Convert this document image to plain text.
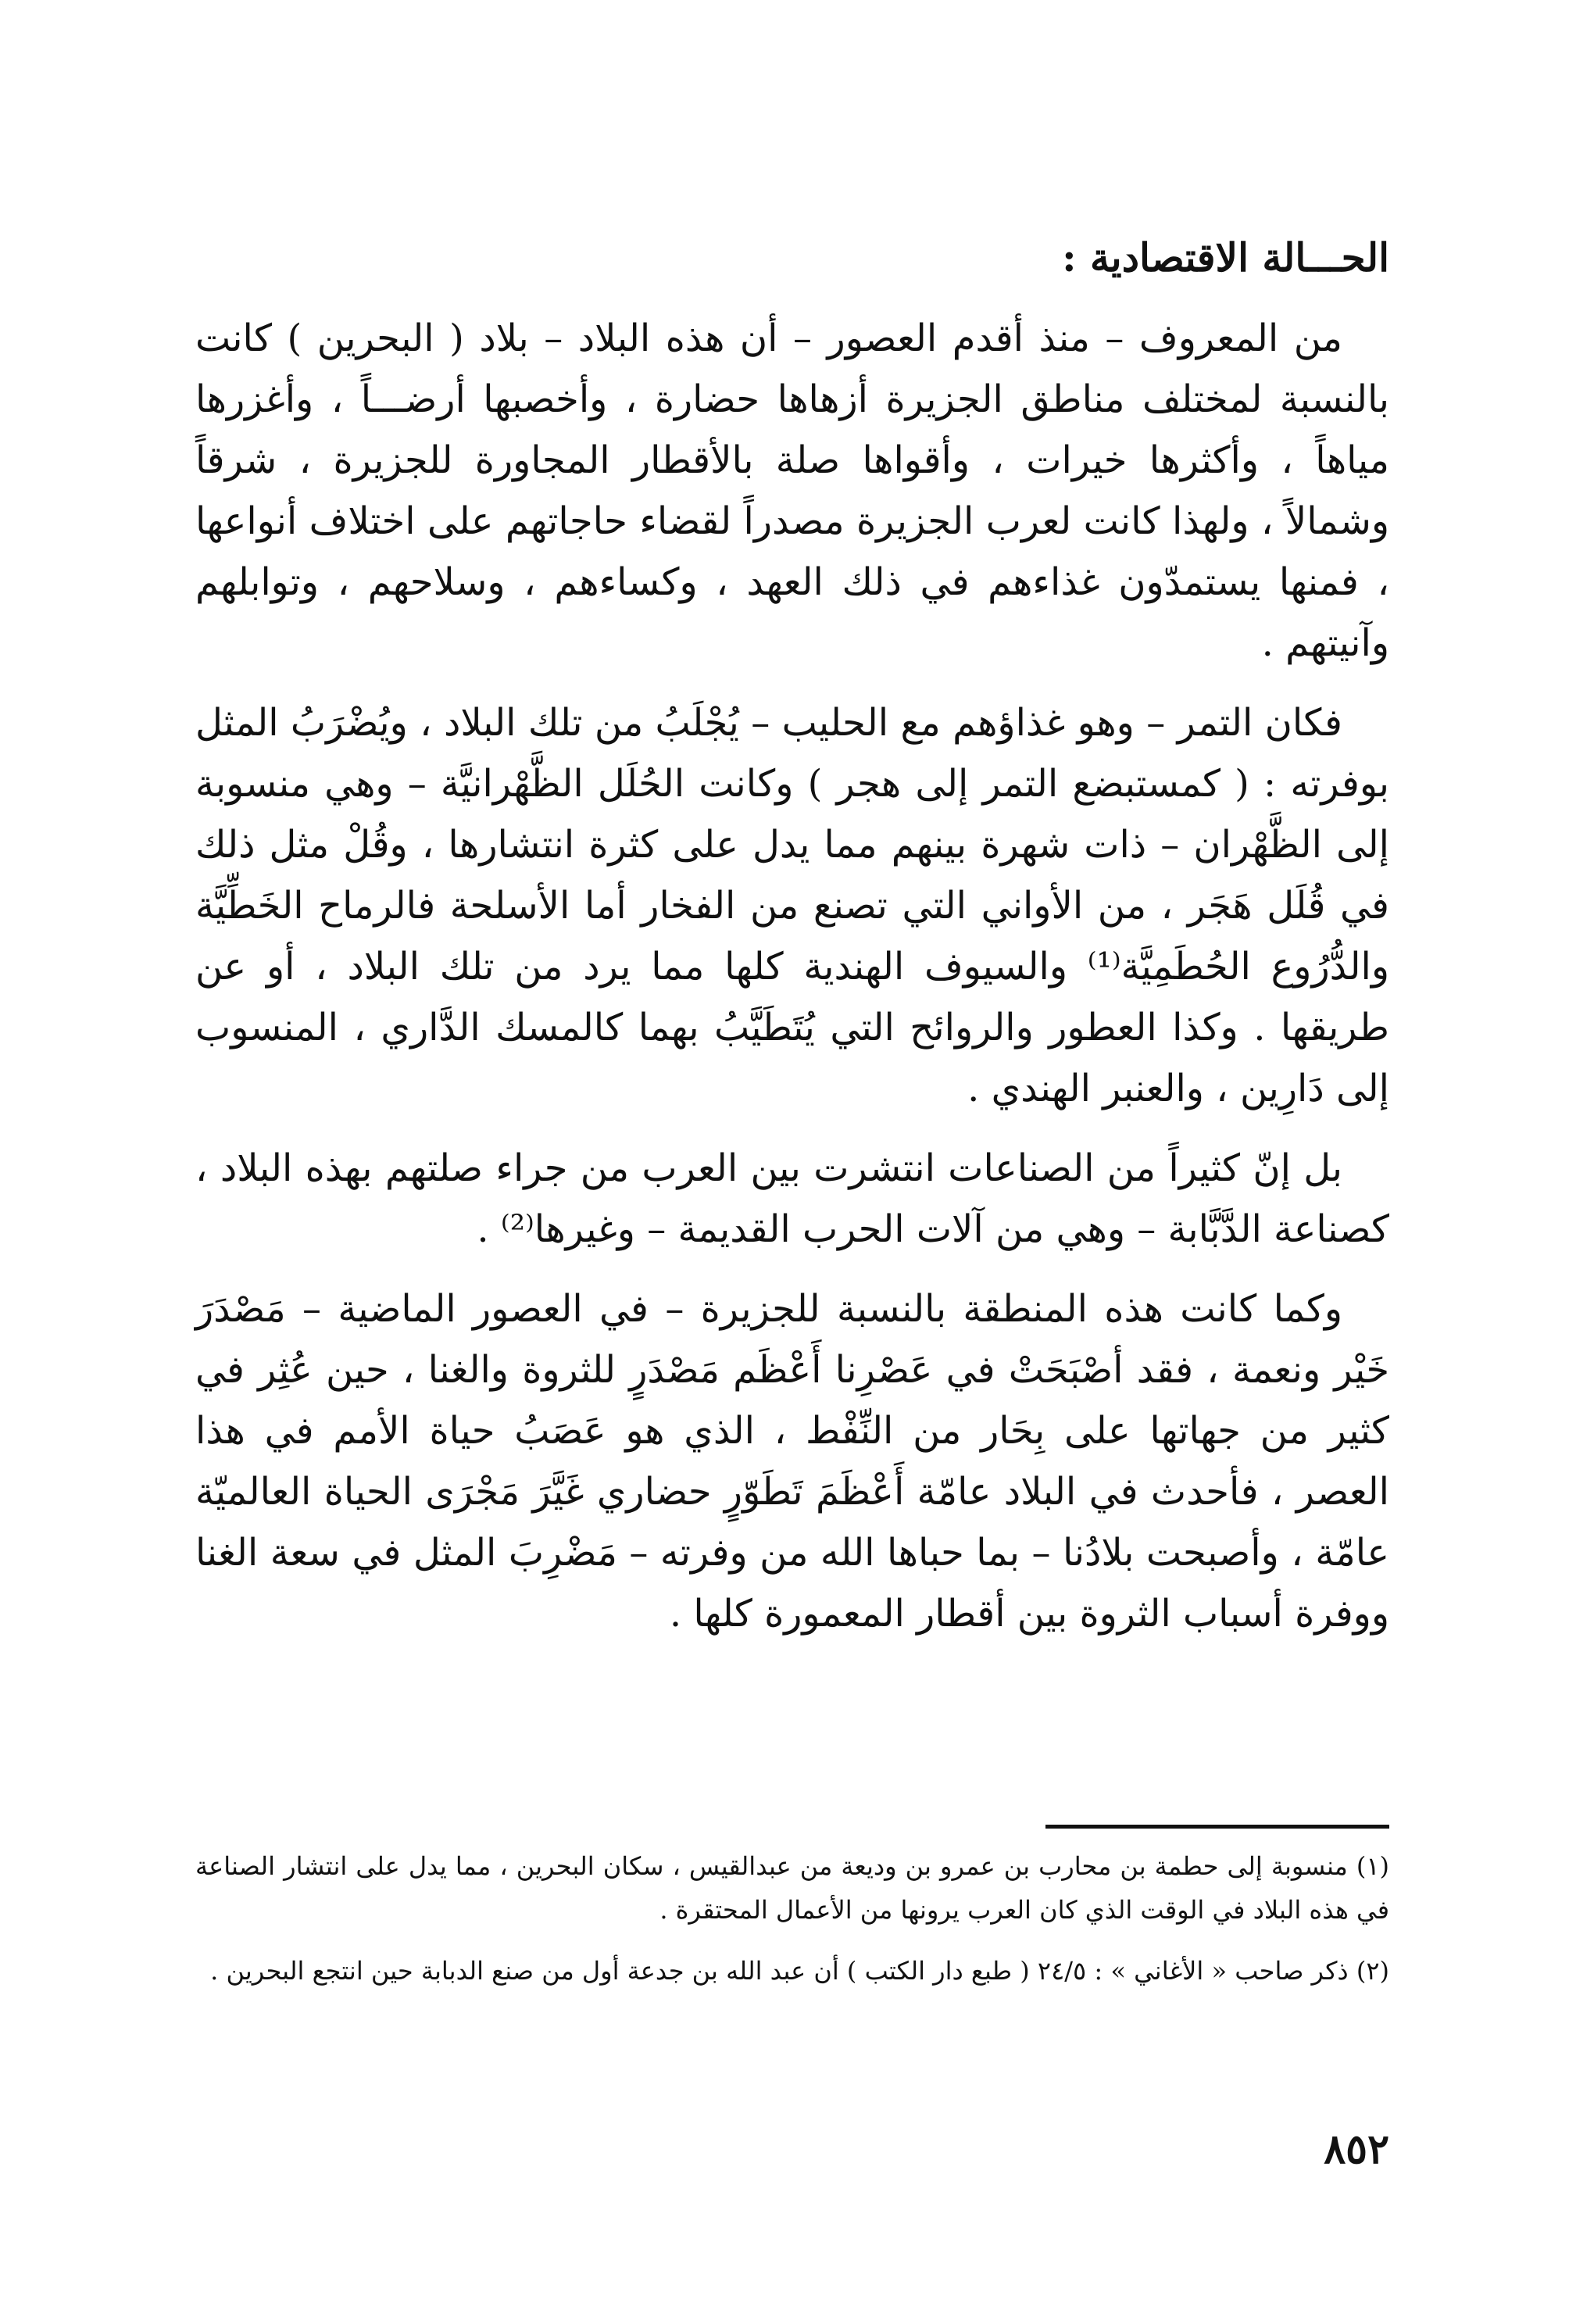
الحـــالة الاقتصادية :

من المعروف – منذ أقدم العصور – أن هذه البلاد – بلاد ( البحرين ) كانت بالنسبة لمختلف مناطق الجزيرة أزهاها حضارة ، وأخصبها أرضـــاً ، وأغزرها مياهاً ، وأكثرها خيرات ، وأقواها صلة بالأقطار المجاورة للجزيرة ، شرقاً وشمالاً ، ولهذا كانت لعرب الجزيرة مصدراً لقضاء حاجاتهم على اختلاف أنواعها ، فمنها يستمدّون غذاءهم في ذلك العهد ، وكساءهم ، وسلاحهم ، وتوابلهم وآنيتهم .

فكان التمر – وهو غذاؤهم مع الحليب – يُجْلَبُ من تلك البلاد ، ويُضْرَبُ المثل بوفرته : ( كمستبضع التمر إلى هجر ) وكانت الحُلَل الظَّهْرانيَّة – وهي منسوبة إلى الظَّهْران – ذات شهرة بينهم مما يدل على كثرة انتشارها ، وقُلْ مثل ذلك في قُلَل هَجَر ، من الأواني التي تصنع من الفخار أما الأسلحة فالرماح الخَطِّيَّة والدُّرُوع الحُطَمِيَّة⁽¹⁾ والسيوف الهندية كلها مما يرد من تلك البلاد ، أو عن طريقها . وكذا العطور والروائح التي يُتَطَيَّبُ بهما كالمسك الدَّاري ، المنسوب إلى دَارِين ، والعنبر الهندي .

بل إنّ كثيراً من الصناعات انتشرت بين العرب من جراء صلتهم بهذه البلاد ، كصناعة الدَّبَّابة – وهي من آلات الحرب القديمة – وغيرها⁽²⁾ .

وكما كانت هذه المنطقة بالنسبة للجزيرة – في العصور الماضية – مَصْدَرَ خَيْر ونعمة ، فقد أصْبَحَتْ في عَصْرِنا أَعْظَم مَصْدَرٍ للثروة والغنا ، حين عُثِر في كثير من جهاتها على بِحَار من النِّفْط ، الذي هو عَصَبُ حياة الأمم في هذا العصر ، فأحدث في البلاد عامّة أَعْظَمَ تَطَوّرٍ حضاري غَيَّرَ مَجْرَى الحياة العالميّة عامّة ، وأصبحت بلادُنا – بما حباها الله من وفرته – مَضْرِبَ المثل في سعة الغنا ووفرة أسباب الثروة بين أقطار المعمورة كلها .

(١) منسوبة إلى حطمة بن محارب بن عمرو بن وديعة من عبدالقيس ، سكان البحرين ، مما يدل على انتشار الصناعة في هذه البلاد في الوقت الذي كان العرب يرونها من الأعمال المحتقرة .

(٢) ذكر صاحب « الأغاني » : ٢٤/٥ ( طبع دار الكتب ) أن عبد الله بن جدعة أول من صنع الدبابة حين انتجع البحرين .

٨٥٢
